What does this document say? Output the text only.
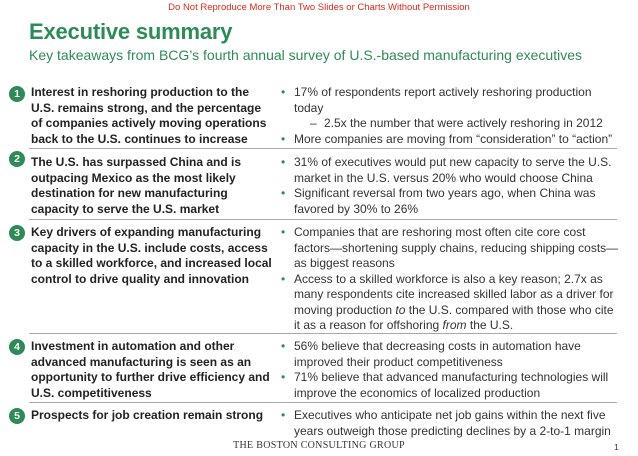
Do Not Reproduce More Than Two Slides or Charts Without Permission
Executive summary
Key takeaways from BCG’s fourth annual survey of U.S.-based manufacturing executives
1 Interest in reshoring production to the U.S. remains strong, and the percentage of companies actively moving operations back to the U.S. continues to increase
• 17% of respondents report actively reshoring production today
– 2.5x the number that were actively reshoring in 2012
• More companies are moving from “consideration” to “action”
2 The U.S. has surpassed China and is outpacing Mexico as the most likely destination for new manufacturing capacity to serve the U.S. market
• 31% of executives would put new capacity to serve the U.S. market in the U.S. versus 20% who would choose China
• Significant reversal from two years ago, when China was favored by 30% to 26%
3 Key drivers of expanding manufacturing capacity in the U.S. include costs, access to a skilled workforce, and increased local control to drive quality and innovation
• Companies that are reshoring most often cite core cost factors—shortening supply chains, reducing shipping costs—as biggest reasons
• Access to a skilled workforce is also a key reason; 2.7x as many respondents cite increased skilled labor as a driver for moving production to the U.S. compared with those who cite it as a reason for offshoring from the U.S.
4 Investment in automation and other advanced manufacturing is seen as an opportunity to further drive efficiency and U.S. competitiveness
• 56% believe that decreasing costs in automation have improved their product competitiveness
• 71% believe that advanced manufacturing technologies will improve the economics of localized production
5 Prospects for job creation remain strong	• Executives who anticipate net job gains within the next five years outweigh those predicting declines by a 2-to-1 margin
THE BOSTON CONSULTING GROUP	1
